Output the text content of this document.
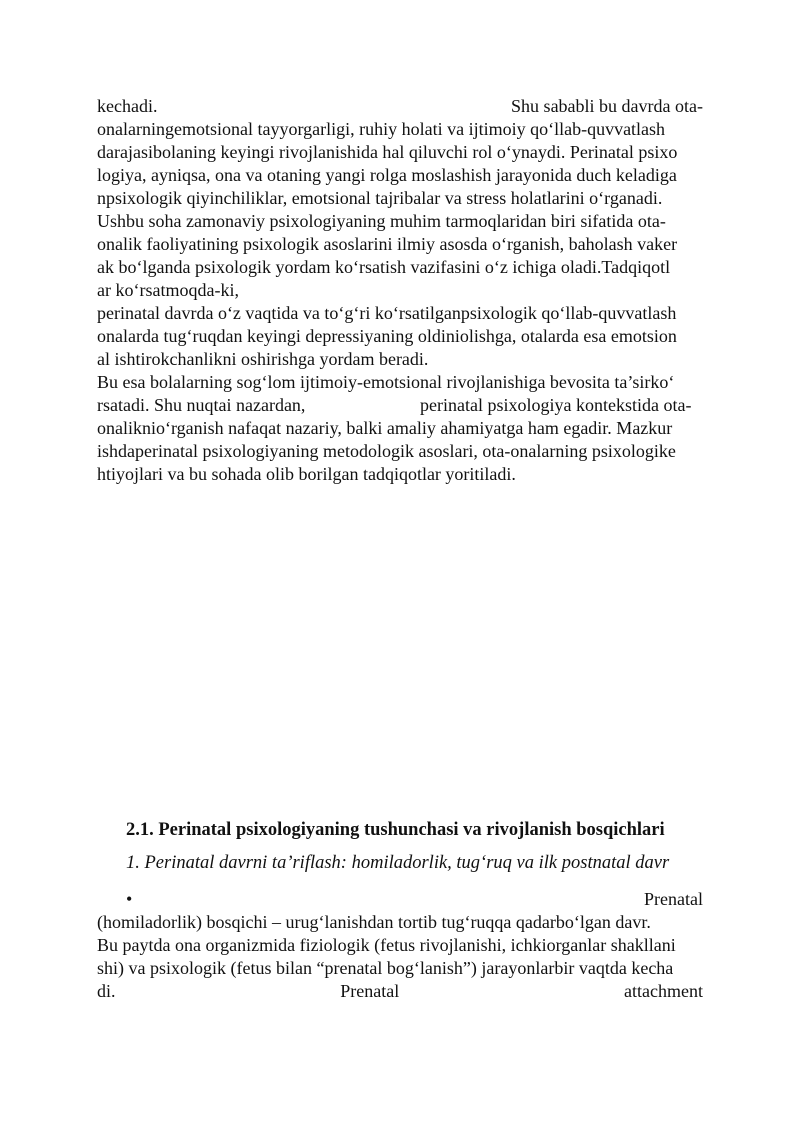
kechadi.	Shu sababli bu davrda ota-
onalarningemotsional tayyorgarligi, ruhiy holati va ijtimoiy qo‘llab-quvvatlash
darajasibolaning keyingi rivojlanishida hal qiluvchi rol o‘ynaydi. Perinatal psixo
logiya, ayniqsa, ona va otaning yangi rolga moslashish jarayonida duch keladiga
npsixologik qiyinchiliklar, emotsional tajribalar va stress holatlarini o‘rganadi.
Ushbu soha zamonaviy psixologiyaning muhim tarmoqlaridan biri sifatida ota-
onalik faoliyatining psixologik asoslarini ilmiy asosda o‘rganish, baholash vaker
ak bo‘lganda psixologik yordam ko‘rsatish vazifasini o‘z ichiga oladi.Tadqiqotl
ar ko‘rsatmoqda-ki,
perinatal davrda o‘z vaqtida va to‘g‘ri ko‘rsatilganpsixologik qo‘llab-quvvatlash
onalarda tug‘ruqdan keyingi depressiyaning oldiniolishga, otalarda esa emotsion
al ishtirokchanlikni oshirishga yordam beradi.
Bu esa bolalarning sog‘lom ijtimoiy-emotsional rivojlanishiga bevosita ta’sirko‘
rsatadi. Shu nuqtai nazardan,	perinatal psixologiya kontekstida ota-
onaliknio‘rganish nafaqat nazariy, balki amaliy ahamiyatga ham egadir. Mazkur
ishdaperinatal psixologiyaning metodologik asoslari, ota-onalarning psixologike
htiyojlari va bu sohada olib borilgan tadqiqotlar yoritiladi.
2.1. Perinatal psixologiyaning tushunchasi va rivojlanish bosqichlari
1. Perinatal davrni ta’riflash: homiladorlik, tug‘ruq va ilk postnatal davr
•	Prenatal
(homiladorlik) bosqichi – urug‘lanishdan tortib tug‘ruqqa qadarbo‘lgan davr.
Bu paytda ona organizmida fiziologik (fetus rivojlanishi, ichkiorganlar shakllani
shi) va psixologik (fetus bilan “prenatal bog‘lanish”) jarayonlarbir vaqtda kecha
di.	Prenatal	attachment
